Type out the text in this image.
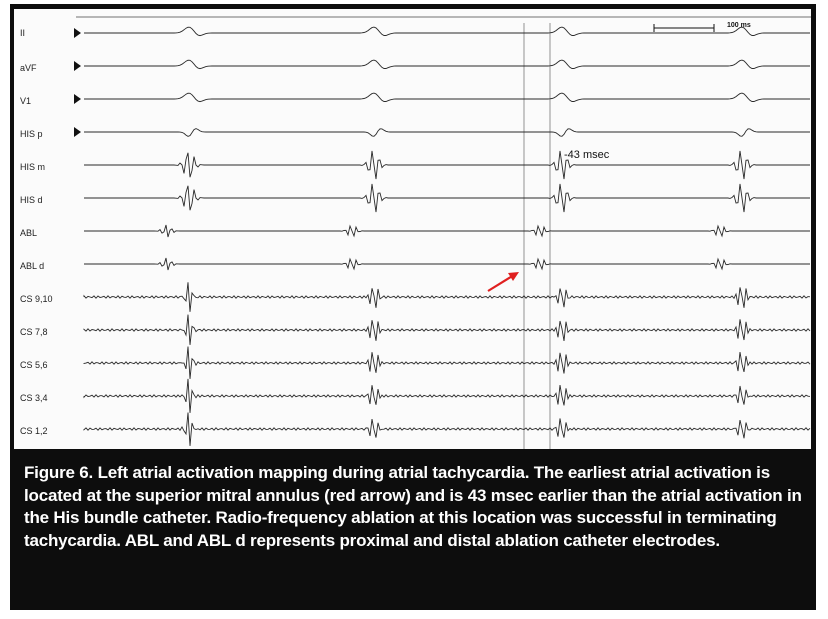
II
aVF
V1
HIS p
HIS m
HIS d
ABL
ABL d
CS 9,10
CS 7,8
CS 5,6
CS 3,4
CS 1,2
100 ms
-43 msec
Figure 6. Left atrial activation mapping during atrial tachycardia. The earliest atrial activation is located at the superior mitral annulus (red arrow) and is 43 msec earlier than the atrial activation in the His bundle catheter. Radio-frequency ablation at this location was successful in terminating tachycardia. ABL and ABL d represents proximal and distal ablation catheter electrodes.
